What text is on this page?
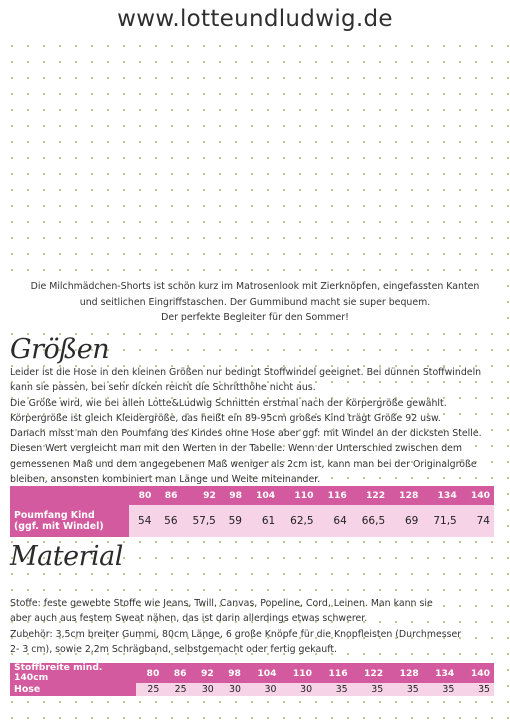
www.lotteundludwig.de
Die Milchmädchen-Shorts ist schön kurz im Matrosenlook mit Zierknöpfen, eingefassten Kanten
und seitlichen Eingriffstaschen. Der Gummibund macht sie super bequem.
Der perfekte Begleiter für den Sommer!
Größen
Leider ist die Hose in den kleinen Größen nur bedingt Stoffwindel geeignet. Bei dünnen Stoffwindeln
kann sie passen, bei sehr dicken reicht die Schritthöhe nicht aus.
Die Größe wird, wie bei allen Lotte&Ludwig Schnitten erstmal nach der Körpergröße gewählt.
Körpergröße ist gleich Kleidergröße, das heißt ein 89-95cm großes Kind trägt Größe 92 usw.
Danach misst man den Poumfang des Kindes ohne Hose aber ggf: mit Windel an der dicksten Stelle.
Diesen Wert vergleicht man mit den Werten in der Tabelle. Wenn der Unterschied zwischen dem
gemessenen Maß und dem angegebenen Maß weniger als 2cm ist, kann man bei der Originalgröße
bleiben, ansonsten kombiniert man Länge und Weite miteinander.
	80	86	92	98	104	110	116	122	128	134	140

Poumfang Kind
(ggf. mit Windel)	54	56	57,5	59	61	62,5	64	66,5	69	71,5	74
Material
Stoffe: feste gewebte Stoffe wie Jeans, Twill, Canvas, Popeline, Cord, Leinen. Man kann sie
aber auch aus festem Sweat nähen, das ist darin allerdings etwas schwerer.
Zubehör: 3,5cm breiter Gummi, 80cm Länge, 6 große Knöpfe für die Knopfleisten (Durchmesser
2- 3 cm), sowie 2,2m Schrägband, selbstgemacht oder fertig gekauft.
Stoffbreite mind.
140cm	80	86	92	98	104	110	116	122	128	134	140
Hose	25	25	30	30	30	30	35	35	35	35	35
